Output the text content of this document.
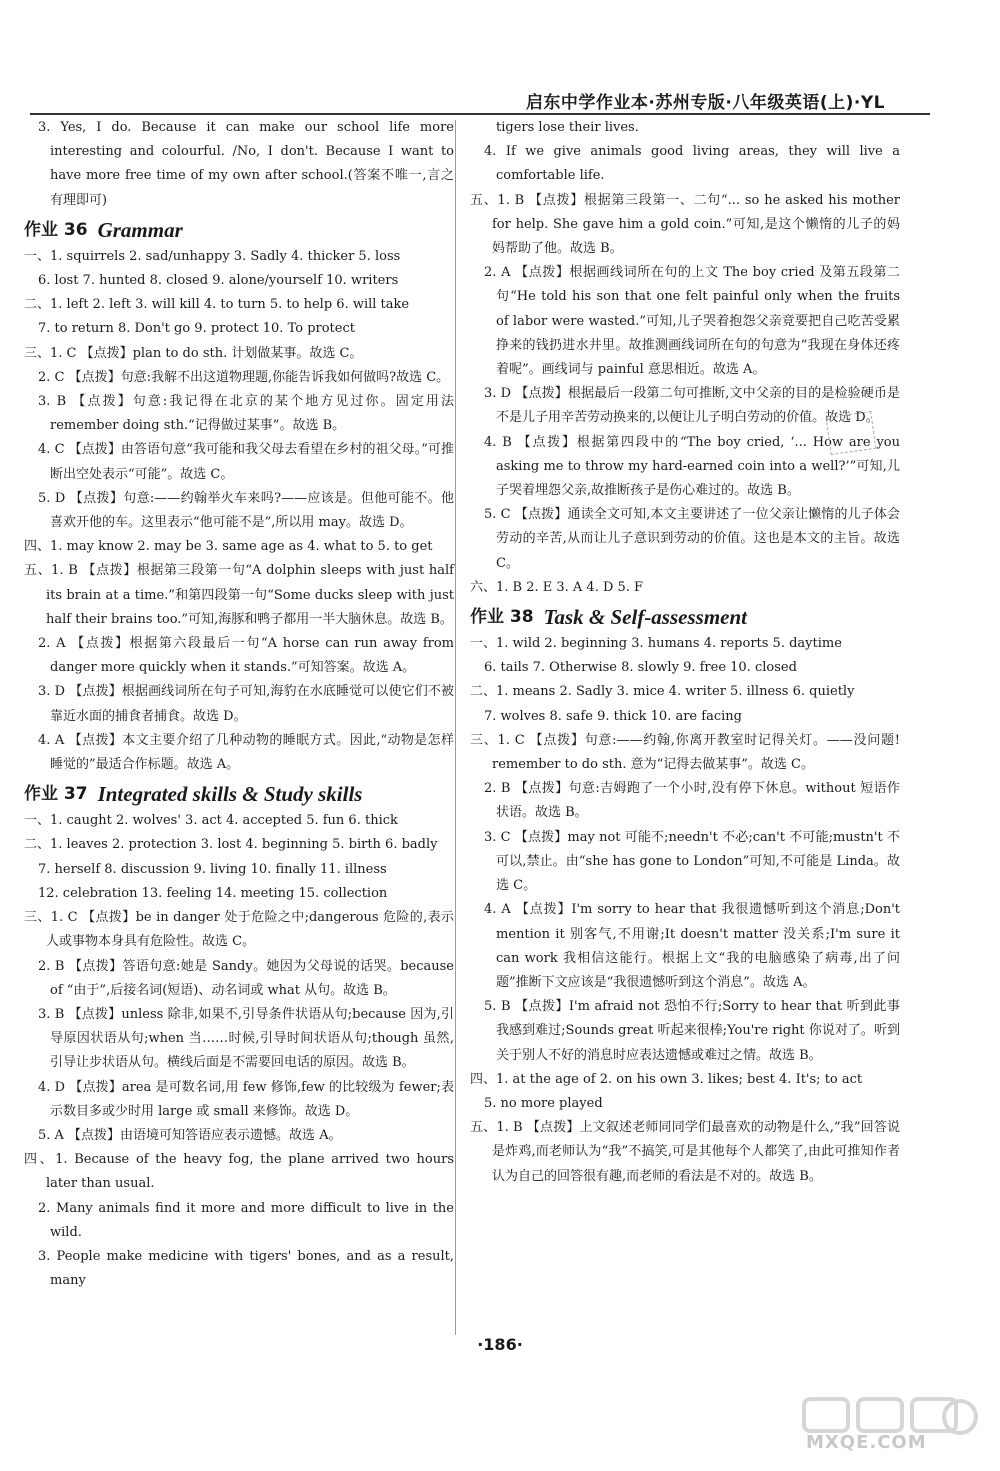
启东中学作业本·苏州专版·八年级英语(上)·YL

3. Yes, I do. Because it can make our school life more interesting and colourful. /No, I don't. Because I want to have more free time of my own after school.(答案不唯一,言之有理即可)

作业 36 Grammar

一、1. squirrels 2. sad/unhappy 3. Sadly 4. thicker 5. loss

6. lost 7. hunted 8. closed 9. alone/yourself 10. writers

二、1. left 2. left 3. will kill 4. to turn 5. to help 6. will take

7. to return 8. Don't go 9. protect 10. To protect

三、1. C 【点拨】plan to do sth. 计划做某事。故选 C。

2. C 【点拨】句意:我解不出这道物理题,你能告诉我如何做吗?故选 C。

3. B 【点拨】句意:我记得在北京的某个地方见过你。固定用法 remember doing sth.“记得做过某事”。故选 B。

4. C 【点拨】由答语句意“我可能和我父母去看望在乡村的祖父母。”可推断出空处表示“可能”。故选 C。

5. D 【点拨】句意:——约翰举火车来吗?——应该是。但他可能不。他喜欢开他的车。这里表示“他可能不是”,所以用 may。故选 D。

四、1. may know 2. may be 3. same age as 4. what to 5. to get

五、1. B 【点拨】根据第三段第一句“A dolphin sleeps with just half its brain at a time.”和第四段第一句“Some ducks sleep with just half their brains too.”可知,海豚和鸭子都用一半大脑休息。故选 B。

2. A 【点拨】根据第六段最后一句“A horse can run away from danger more quickly when it stands.”可知答案。故选 A。

3. D 【点拨】根据画线词所在句子可知,海豹在水底睡觉可以使它们不被靠近水面的捕食者捕食。故选 D。

4. A 【点拨】本文主要介绍了几种动物的睡眠方式。因此,“动物是怎样睡觉的”最适合作标题。故选 A。

作业 37 Integrated skills & Study skills

一、1. caught 2. wolves' 3. act 4. accepted 5. fun 6. thick

二、1. leaves 2. protection 3. lost 4. beginning 5. birth 6. badly

7. herself 8. discussion 9. living 10. finally 11. illness

12. celebration 13. feeling 14. meeting 15. collection

三、1. C 【点拨】be in danger 处于危险之中;dangerous 危险的,表示人或事物本身具有危险性。故选 C。

2. B 【点拨】答语句意:她是 Sandy。她因为父母说的话哭。because of “由于”,后接名词(短语)、动名词或 what 从句。故选 B。

3. B 【点拨】unless 除非,如果不,引导条件状语从句;because 因为,引导原因状语从句;when 当……时候,引导时间状语从句;though 虽然,引导让步状语从句。横线后面是不需要回电话的原因。故选 B。

4. D 【点拨】area 是可数名词,用 few 修饰,few 的比较级为 fewer;表示数目多或少时用 large 或 small 来修饰。故选 D。

5. A 【点拨】由语境可知答语应表示遗憾。故选 A。

四、1. Because of the heavy fog, the plane arrived two hours later than usual.

2. Many animals find it more and more difficult to live in the wild.

3. People make medicine with tigers' bones, and as a result, many

tigers lose their lives.

4. If we give animals good living areas, they will live a comfortable life.

五、1. B 【点拨】根据第三段第一、二句“... so he asked his mother for help. She gave him a gold coin.”可知,是这个懒惰的儿子的妈妈帮助了他。故选 B。

2. A 【点拨】根据画线词所在句的上文 The boy cried 及第五段第二句“He told his son that one felt painful only when the fruits of labor were wasted.”可知,儿子哭着抱怨父亲竟要把自己吃苦受累挣来的钱扔进水井里。故推测画线词所在句的句意为“我现在身体还疼着呢”。画线词与 painful 意思相近。故选 A。

3. D 【点拨】根据最后一段第二句可推断,文中父亲的目的是检验硬币是不是儿子用辛苦劳动换来的,以便让儿子明白劳动的价值。故选 D。

4. B 【点拨】根据第四段中的“The boy cried, ‘... How are you asking me to throw my hard-earned coin into a well?’”可知,儿子哭着埋怨父亲,故推断孩子是伤心难过的。故选 B。

5. C 【点拨】通读全文可知,本文主要讲述了一位父亲让懒惰的儿子体会劳动的辛苦,从而让儿子意识到劳动的价值。这也是本文的主旨。故选 C。

六、1. B 2. E 3. A 4. D 5. F

作业 38 Task & Self-assessment

一、1. wild 2. beginning 3. humans 4. reports 5. daytime

6. tails 7. Otherwise 8. slowly 9. free 10. closed

二、1. means 2. Sadly 3. mice 4. writer 5. illness 6. quietly

7. wolves 8. safe 9. thick 10. are facing

三、1. C 【点拨】句意:——约翰,你离开教室时记得关灯。——没问题! remember to do sth. 意为“记得去做某事”。故选 C。

2. B 【点拨】句意:吉姆跑了一个小时,没有停下休息。without 短语作状语。故选 B。

3. C 【点拨】may not 可能不;needn't 不必;can't 不可能;mustn't 不可以,禁止。由“she has gone to London”可知,不可能是 Linda。故选 C。

4. A 【点拨】I'm sorry to hear that 我很遗憾听到这个消息;Don't mention it 别客气,不用谢;It doesn't matter 没关系;I'm sure it can work 我相信这能行。根据上文“我的电脑感染了病毒,出了问题”推断下文应该是“我很遗憾听到这个消息”。故选 A。

5. B 【点拨】I'm afraid not 恐怕不行;Sorry to hear that 听到此事我感到难过;Sounds great 听起来很棒;You're right 你说对了。听到关于别人不好的消息时应表达遗憾或难过之情。故选 B。

四、1. at the age of 2. on his own 3. likes; best 4. It's; to act

5. no more played

五、1. B 【点拨】上文叙述老师同同学们最喜欢的动物是什么,“我”回答说是炸鸡,而老师认为“我”不搞笑,可是其他每个人都笑了,由此可推知作者认为自己的回答很有趣,而老师的看法是不对的。故选 B。

·186·
MXQE.COM
